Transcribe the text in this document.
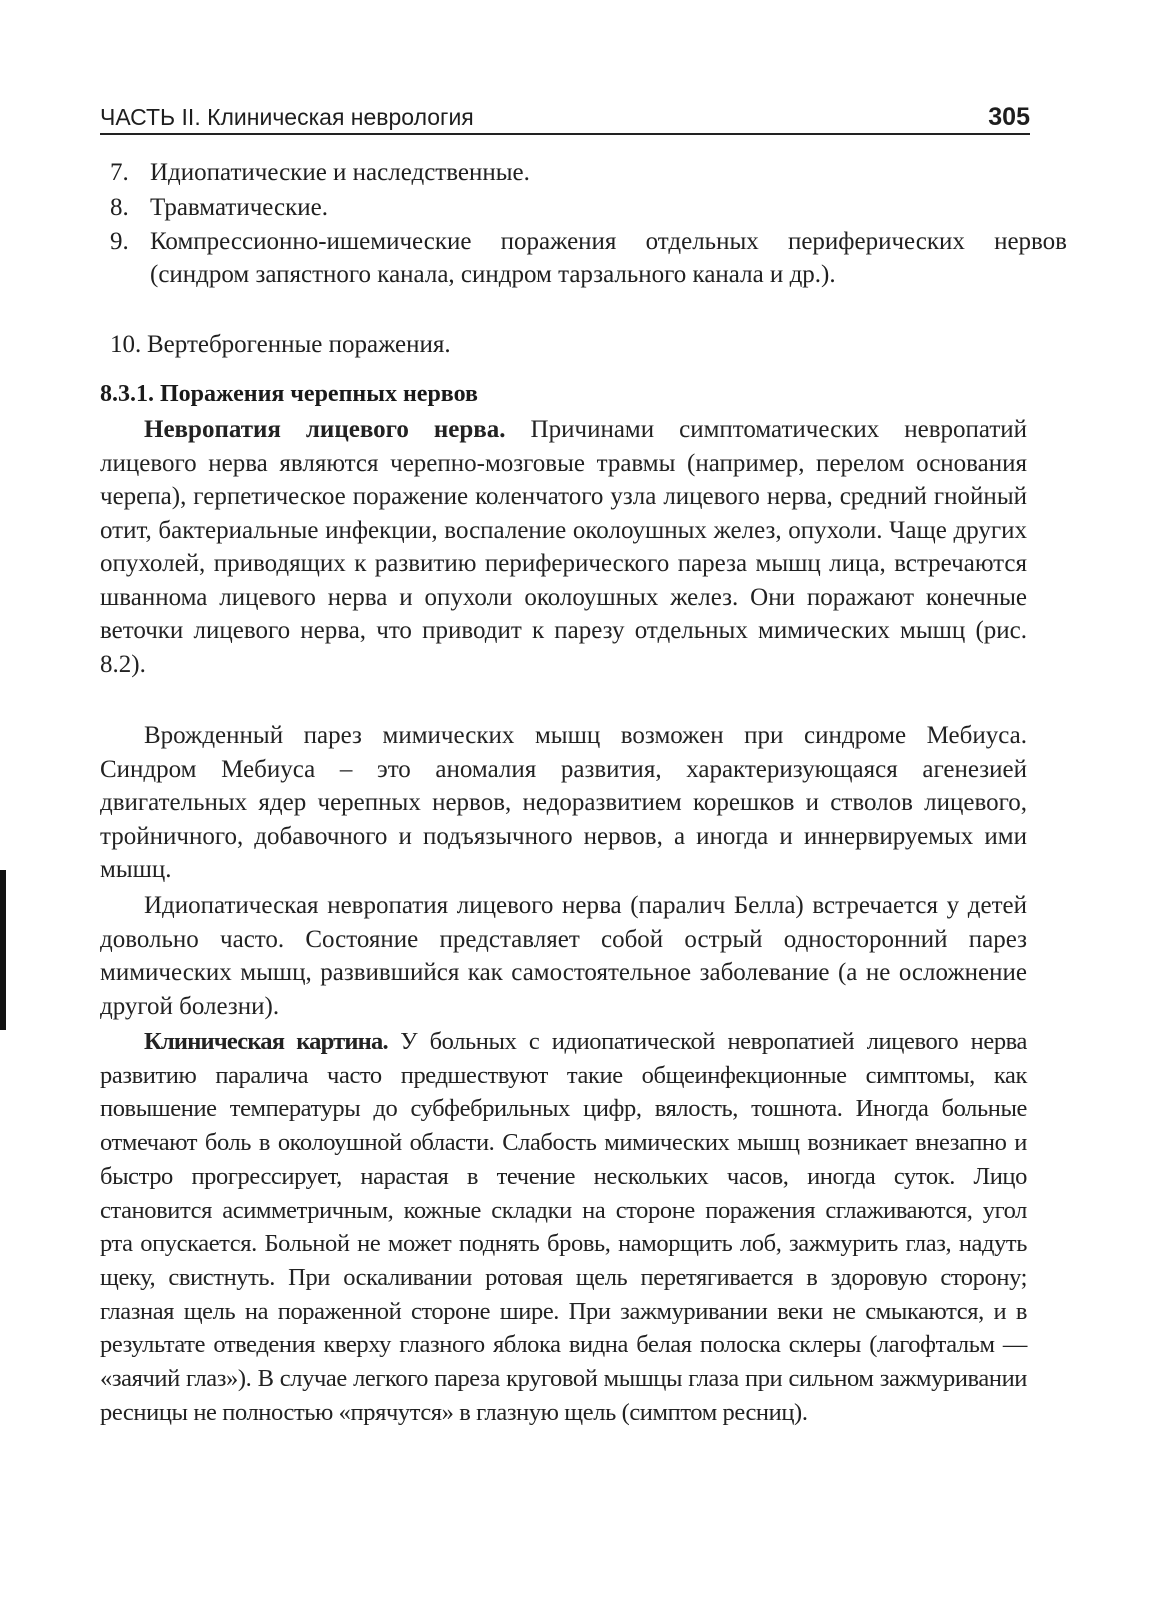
ЧАСТЬ II. Клиническая неврология	305

7. Идиопатические и наследственные.

8. Травматические.

9. Компрессионно-ишемические поражения отдельных периферических нервов (синдром запястного канала, синдром тарзального канала и др.).

10. Вертеброгенные поражения.

8.3.1. Поражения черепных нервов

Невропатия лицевого нерва. Причинами симптоматических невропатий лицевого нерва являются черепно-мозговые травмы (например, перелом основания черепа), герпетическое поражение коленчатого узла лицевого нерва, средний гнойный отит, бактериальные инфекции, воспаление околоушных желез, опухоли. Чаще других опухолей, приводящих к развитию периферического пареза мышц лица, встречаются шваннома лицевого нерва и опухоли околоушных желез. Они поражают конечные веточки лицевого нерва, что приводит к парезу отдельных мимических мышц (рис. 8.2).

Врожденный парез мимических мышц возможен при синдроме Мебиуса. Синдром Мебиуса – это аномалия развития, характеризующаяся агенезией двигательных ядер черепных нервов, недоразвитием корешков и стволов лицевого, тройничного, добавочного и подъязычного нервов, а иногда и иннервируемых ими мышц.

Идиопатическая невропатия лицевого нерва (паралич Белла) встречается у детей довольно часто. Состояние представляет собой острый односторонний парез мимических мышц, развившийся как самостоятельное заболевание (а не осложнение другой болезни).

Клиническая картина. У больных с идиопатической невропатией лицевого нерва развитию паралича часто предшествуют такие общеинфекционные симптомы, как повышение температуры до субфебрильных цифр, вялость, тошнота. Иногда больные отмечают боль в околоушной области. Слабость мимических мышц возникает внезапно и быстро прогрессирует, нарастая в течение нескольких часов, иногда суток. Лицо становится асимметричным, кожные складки на стороне поражения сглаживаются, угол рта опускается. Больной не может поднять бровь, наморщить лоб, зажмурить глаз, надуть щеку, свистнуть. При оскаливании ротовая щель перетягивается в здоровую сторону; глазная щель на пораженной стороне шире. При зажмуривании веки не смыкаются, и в результате отведения кверху глазного яблока видна белая полоска склеры (лагофтальм — «заячий глаз»). В случае легкого пареза круговой мышцы глаза при сильном зажмуривании ресницы не полностью «прячутся» в глазную щель (симптом ресниц).
